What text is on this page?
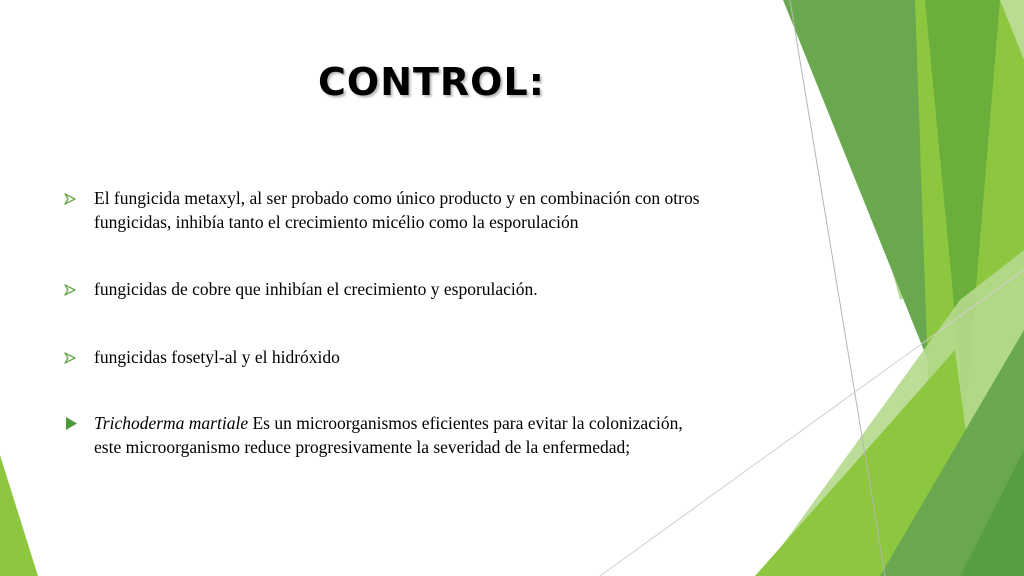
CONTROL:
El fungicida metaxyl, al ser probado como único producto y en combinación con otros
fungicidas, inhibía tanto el crecimiento micélio como la esporulación
fungicidas de cobre que inhibían el crecimiento y esporulación.
fungicidas fosetyl-al y el hidróxido
Trichoderma martiale Es un microorganismos eficientes para evitar la colonización,
este microorganismo reduce progresivamente la severidad de la enfermedad;
